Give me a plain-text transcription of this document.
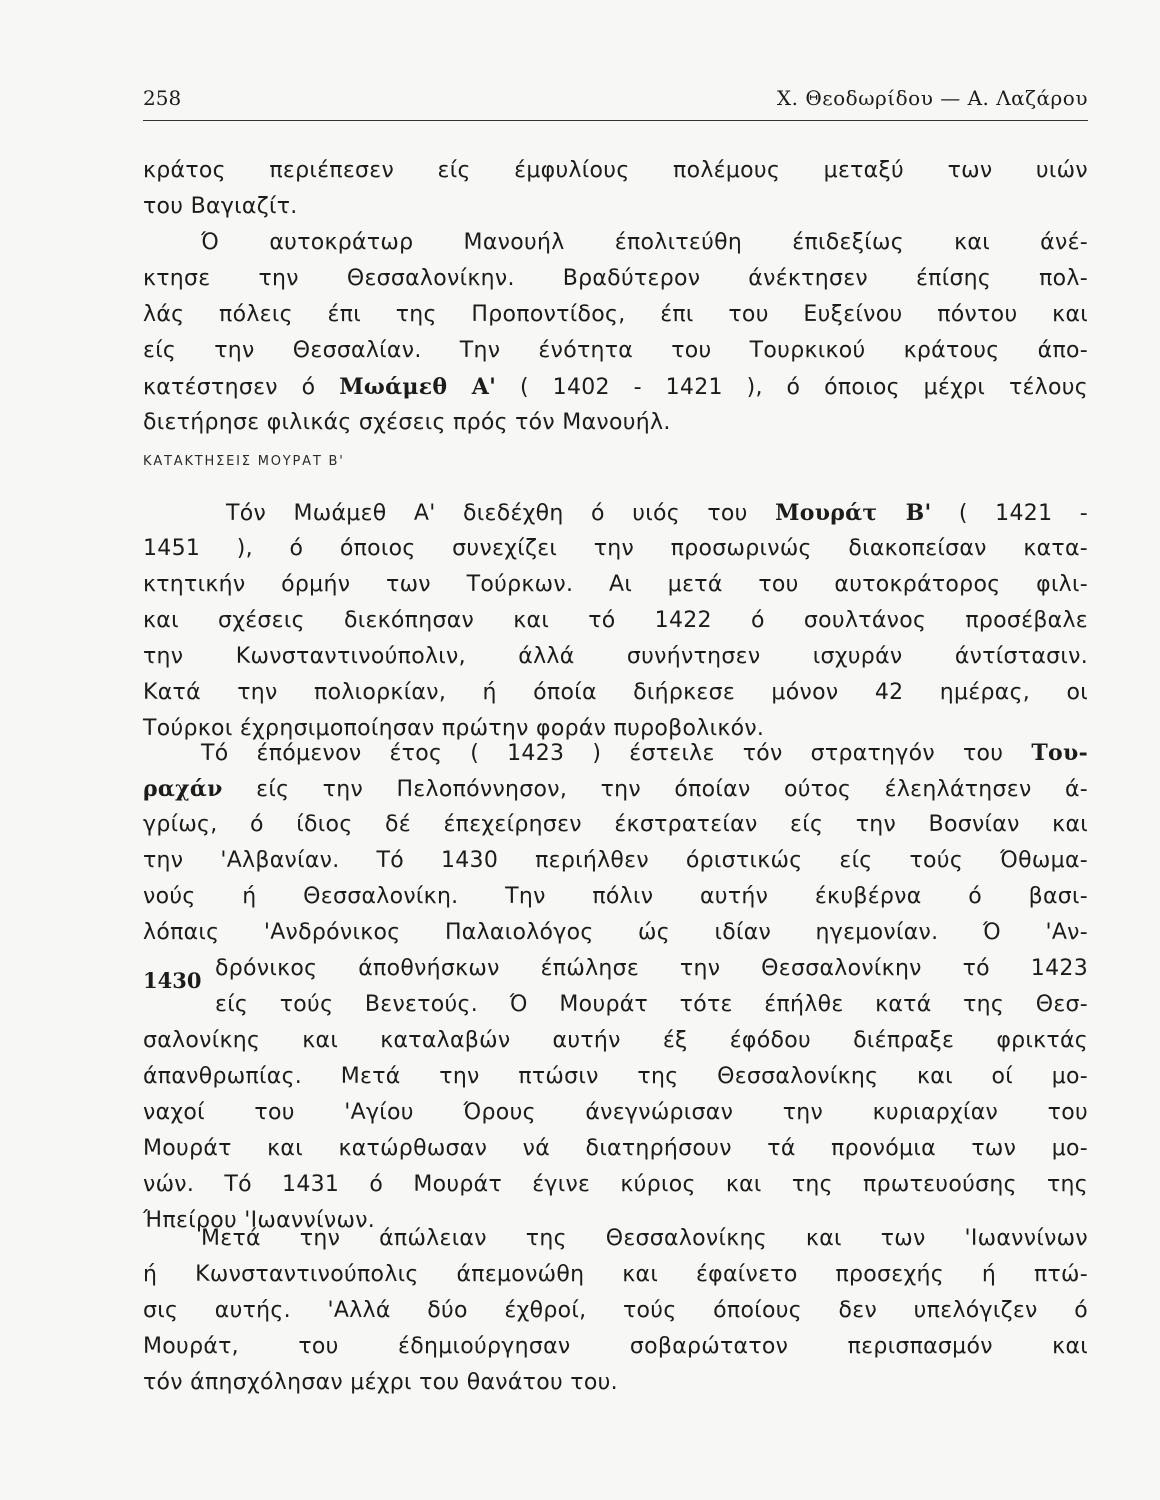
258	Χ. Θεοδωρίδου — Α. Λαζάρου
κράτος περιέπεσεν είς έμφυλίους πολέμους μεταξύ των υιών
του Βαγιαζίτ.
Ό αυτοκράτωρ Μανουήλ έπολιτεύθη έπιδεξίως και άνέ-
κτησε την Θεσσαλονίκην. Βραδύτερον άνέκτησεν έπίσης πολ-
λάς πόλεις έπι της Προποντίδος, έπι του Ευξείνου πόντου και
είς την Θεσσαλίαν. Την ένότητα του Τουρκικού κράτους άπο-
κατέστησεν ό Μωάμεθ Α' ( 1402 - 1421 ), ό όποιος μέχρι τέλους
διετήρησε φιλικάς σχέσεις πρός τόν Μανουήλ.
ΚΑΤΑΚΤΗΣΕΙΣ ΜΟΥΡΑΤ Β'
Τόν Μωάμεθ Α' διεδέχθη ό υιός του Μουράτ Β' ( 1421 -
1451 ), ό όποιος συνεχίζει την προσωρινώς διακοπείσαν κατα-
κτητικήν όρμήν των Τούρκων. Αι μετά του αυτοκράτορος φιλι-
και σχέσεις διεκόπησαν και τό 1422 ό σουλτάνος προσέβαλε
την Κωνσταντινούπολιν, άλλά συνήντησεν ισχυράν άντίστασιν.
Κατά την πολιορκίαν, ή όποία διήρκεσε μόνον 42 ημέρας, οι
Τούρκοι έχρησιμοποίησαν πρώτην φοράν πυροβολικόν.
Τό έπόμενον έτος ( 1423 ) έστειλε τόν στρατηγόν του Του-
ραχάν είς την Πελοπόννησον, την όποίαν ούτος έλεηλάτησεν ά-
γρίως, ό ίδιος δέ έπεχείρησεν έκστρατείαν είς την Βοσνίαν και
την 'Αλβανίαν. Τό 1430 περιήλθεν όριστικώς είς τούς Όθωμα-
νούς ή Θεσσαλονίκη. Την πόλιν αυτήν έκυβέρνα ό βασι-
λόπαις 'Ανδρόνικος Παλαιολόγος ώς ιδίαν ηγεμονίαν. Ό 'Αν-
δρόνικος άποθνήσκων έπώλησε την Θεσσαλονίκην τό 1423
είς τούς Βενετούς. Ό Μουράτ τότε έπήλθε κατά της Θεσ-
σαλονίκης και καταλαβών αυτήν έξ έφόδου διέπραξε φρικτάς
άπανθρωπίας. Μετά την πτώσιν της Θεσσαλονίκης και οί μο-
ναχοί του 'Αγίου Όρους άνεγνώρισαν την κυριαρχίαν του
Μουράτ και κατώρθωσαν νά διατηρήσουν τά προνόμια των μο-
νών. Τό 1431 ό Μουράτ έγινε κύριος και της πρωτευούσης της
Ήπείρου 'Ιωαννίνων.
1430
Μετά την άπώλειαν της Θεσσαλονίκης και των 'Ιωαννίνων
ή Κωνσταντινούπολις άπεμονώθη και έφαίνετο προσεχής ή πτώ-
σις αυτής. 'Αλλά δύο έχθροί, τούς όποίους δεν υπελόγιζεν ό
Μουράτ, του έδημιούργησαν σοβαρώτατον περισπασμόν και
τόν άπησχόλησαν μέχρι του θανάτου του.
